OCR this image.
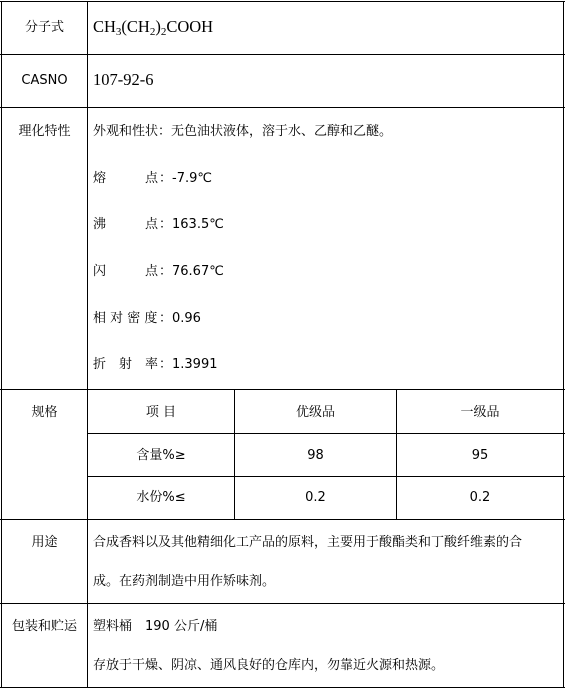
分子式	$CH_3(CH_2)_2COOH$
CASNO	107-92-6
理化特性	外观和性状：无色油状液体，溶于水、乙醇和乙醚。
熔　　　点：-7.9℃
沸　　　点：163.5℃
闪　　　点：76.67℃
相 对 密 度 ：0.96
折　射　率：1.3991
规格	项 目	优级品	一级品
含量%≥	98	95
水份%≤	0.2	0.2
用途	合成香料以及其他精细化工产品的原料，主要用于酸酯类和丁酸纤维素的合
成。在药剂制造中用作矫味剂。
包装和贮运	塑料桶　190 公斤/桶
存放于干燥、阴凉、通风良好的仓库内，勿靠近火源和热源。
